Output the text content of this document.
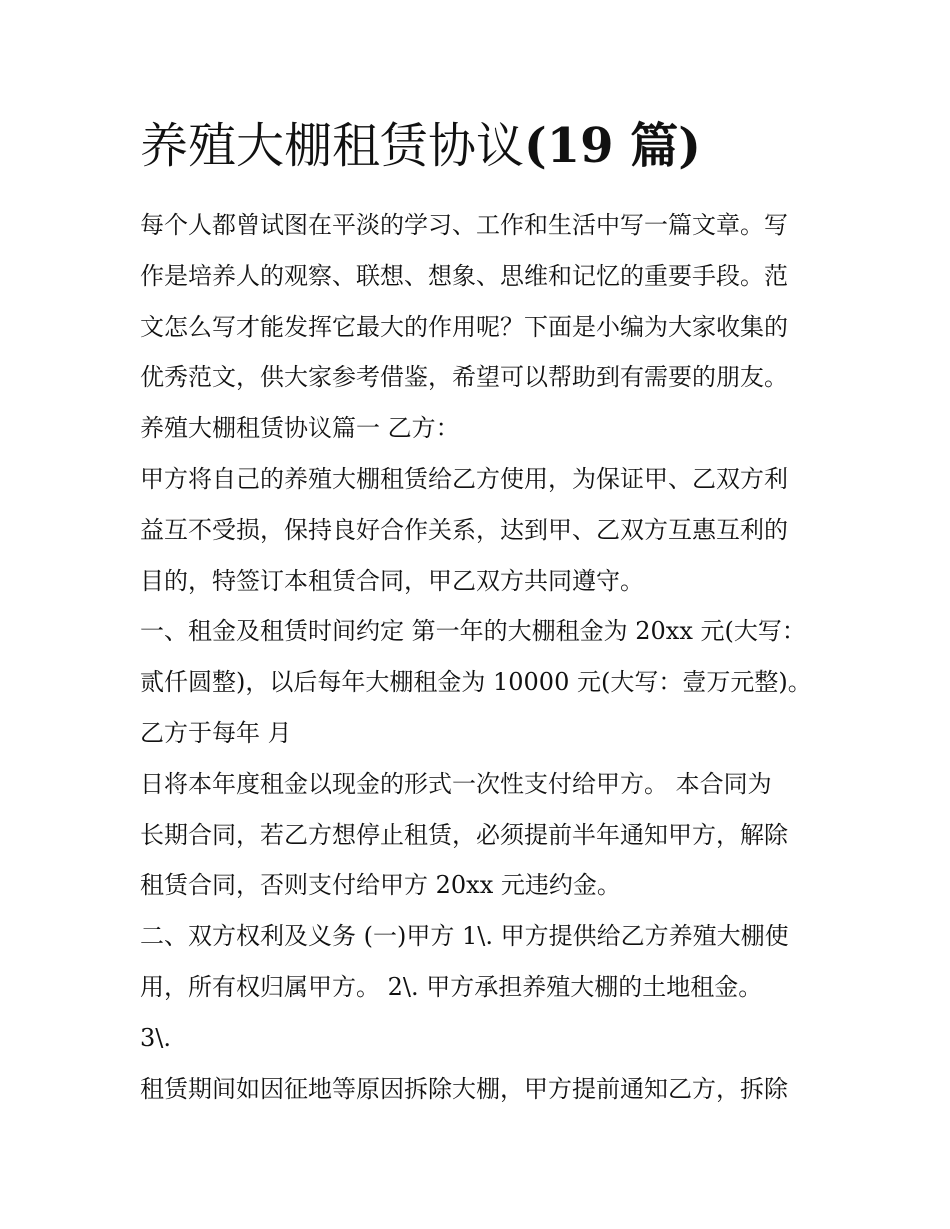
养殖大棚租赁协议(19 篇)

每个人都曾试图在平淡的学习、工作和生活中写一篇文章。写

作是培养人的观察、联想、想象、思维和记忆的重要手段。范

文怎么写才能发挥它最大的作用呢？下面是小编为大家收集的

优秀范文，供大家参考借鉴，希望可以帮助到有需要的朋友。

养殖大棚租赁协议篇一 乙方：

甲方将自己的养殖大棚租赁给乙方使用，为保证甲、乙双方利

益互不受损，保持良好合作关系，达到甲、乙双方互惠互利的

目的，特签订本租赁合同，甲乙双方共同遵守。

一、租金及租赁时间约定 第一年的大棚租金为 20xx 元(大写：

贰仟圆整)，以后每年大棚租金为 10000 元(大写：壹万元整)。

乙方于每年 月

日将本年度租金以现金的形式一次性支付给甲方。 本合同为

长期合同，若乙方想停止租赁，必须提前半年通知甲方，解除

租赁合同，否则支付给甲方 20xx 元违约金。

二、双方权利及义务 (一)甲方 1\. 甲方提供给乙方养殖大棚使

用，所有权归属甲方。 2\. 甲方承担养殖大棚的土地租金。

3\.

租赁期间如因征地等原因拆除大棚，甲方提前通知乙方，拆除
